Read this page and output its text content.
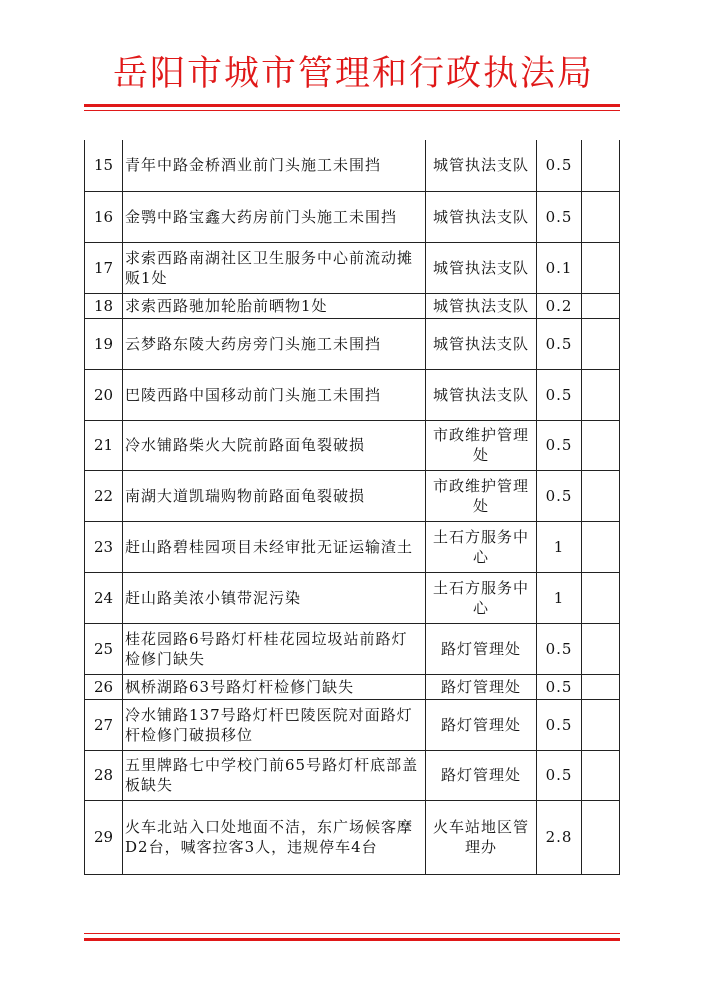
岳阳市城市管理和行政执法局
15	青年中路金桥酒业前门头施工未围挡	城管执法支队	0.5	
16	金鹗中路宝鑫大药房前门头施工未围挡	城管执法支队	0.5	
17	求索西路南湖社区卫生服务中心前流动摊贩1处	城管执法支队	0.1	
18	求索西路驰加轮胎前晒物1处	城管执法支队	0.2	
19	云梦路东陵大药房旁门头施工未围挡	城管执法支队	0.5	
20	巴陵西路中国移动前门头施工未围挡	城管执法支队	0.5	
21	冷水铺路柴火大院前路面龟裂破损	市政维护管理处	0.5	
22	南湖大道凯瑞购物前路面龟裂破损	市政维护管理处	0.5	
23	赶山路碧桂园项目未经审批无证运输渣土	土石方服务中心	1	
24	赶山路美浓小镇带泥污染	土石方服务中心	1	
25	桂花园路6号路灯杆桂花园垃圾站前路灯检修门缺失	路灯管理处	0.5	
26	枫桥湖路63号路灯杆检修门缺失	路灯管理处	0.5	
27	冷水铺路137号路灯杆巴陵医院对面路灯杆检修门破损移位	路灯管理处	0.5	
28	五里牌路七中学校门前65号路灯杆底部盖板缺失	路灯管理处	0.5	
29	火车北站入口处地面不洁，东广场候客摩D2台，喊客拉客3人，违规停车4台	火车站地区管理办	2.8	
